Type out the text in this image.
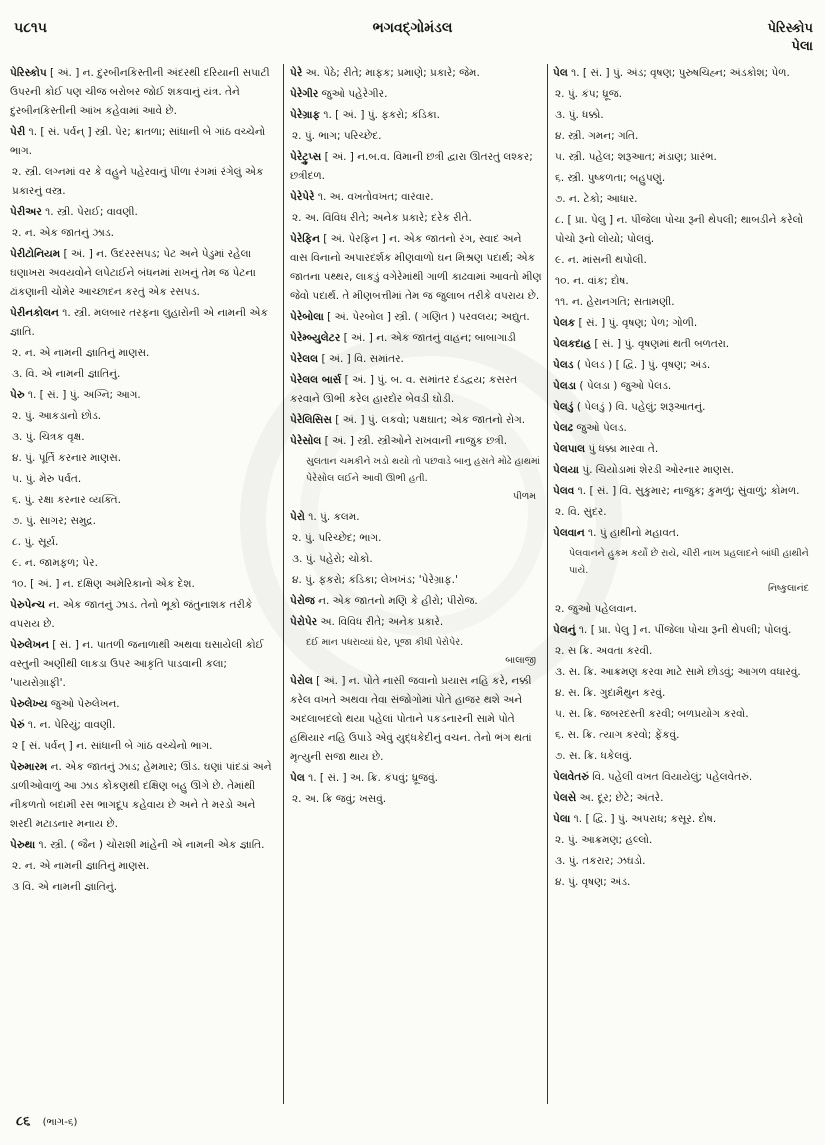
૫૮૧૫	ભગવદ્ગોમંડલ	પેરિસ્કોપ
પેલા
પેરિસ્કોપ [ અં. ] ન. દુરબીનકિસ્તીની અંદરથી દરિયાની સપાટી ઉપરની કોઈ પણ ચીજ બરોબર જોઈ શકવાનું યંત્ર. તેને દુરબીનકિસ્તીની આંખ કહેવામાં આવે છે.
પેરી ૧. [ સં. પર્વન્ ] સ્ત્રી. પેર; ક્રાતળા; સાંધાની બે ગાંઠ વચ્ચેનો ભાગ.
૨. સ્ત્રી. લગ્નમાં વર કે વહુને પહેરવાનું પીળા રંગમાં રંગેલું એક પ્રકારનું વસ્ત્ર.
પેરીઅર ૧. સ્ત્રી. પેરાઈ; વાવણી.
૨. ન. એક જાતનું ઝાડ.
પેરીટોનિયમ [ અં. ] ન. ઉદરરસપડ; પેટ અને પેડુમાં રહેલા ઘણાખરા અવયવોને લપેટાઈને બંધનમાં રાખનું તેમ જ પેટના ઢાંકણાની ચોમેર આચ્છાદન કરતું એક રસપડ.
પેરીનકોલન ૧. સ્ત્રી. મલબાર તરફના લુહારોની એ નામની એક જ્ઞાતિ.
૨. ન. એ નામની જ્ઞાતિનું માણસ.
૩. વિ. એ નામની જ્ઞાતિનું.
પેરુ ૧. [ સં. ] પું. અગ્નિ; આગ.
૨. પું. આકડાનો છોડ.
૩. પું. ચિત્રક વૃક્ષ.
૪. પું. પૂર્તિ કરનાર માણસ.
૫. પું. મેરુ પર્વત.
૬. પું. રક્ષા કરનાર વ્યક્તિ.
૭. પું. સાગર; સમુદ્ર.
૮. પું. સૂર્ય.
૯. ન. જામફળ; પેર.
૧૦. [ અં. ] ન. દક્ષિણ અમેરિકાનો એક દેશ.
પેરુપેન્ચ ન. એક જાતનું ઝાડ. તેનો ભૂકો જંતુનાશક તરીકે વપરાય છે.
પેરુલેખન [ સં. ] ન. પાતળી જનાળાથી અથવા ઘસાયેલી કોઈ વસ્તુની અણીથી લાકડા ઉપર આકૃતિ પાડવાની કલા; 'પાયરોગ્રાફી'.
પેરુલેખ્ય જુઓ પેરુલેખન.
પેરું ૧. ન. પેરિયું; વાવણી.
૨ [ સં. પર્વન્ ] ન. સાંધાની બે ગાંઠ વચ્ચેનો ભાગ.
પેરુમારમ ન. એક જાતનું ઝાડ; હેમમાર; ઊંડ. ઘણાં પાંદડાં અને ડાળીઓવાળું આ ઝાડ કોંકણથી દક્ષિણ બહુ ઊગે છે. તેમાંથી નીકળતો બદામી રસ ભાગદૂપ કહેવાય છે અને તે મરડો અને શરદી મટાડનાર મનાય છે.
પેરુથા ૧. સ્ત્રી. ( જૈન ) ચોરાશી માંહેની એ નામની એક જ્ઞાતિ.
૨. ન. એ નામની જ્ઞાતિનું માણસ.
૩ વિ. એ નામની જ્ઞાતિનું.
પેરે અ. પેઠે; રીતે; માફક; પ્રમાણે; પ્રકારે; જેમ.
પેરેગીર જુઓ પહેરેગીર.
પેરેગ્રાફ ૧. [ અં. ] પું. ફકરો; કંડિકા.
૨. પું. ભાગ; પરિચ્છેદ.
પેરેટ્રુપ્સ [ અં. ] ન.બ.વ. વિમાની છત્રી દ્વારા ઊતરતું લશ્કર; છત્રીદળ.
પેરેપેરે ૧. અ. વખતોવખત; વારંવાર.
૨. અ. વિવિધ રીતે; અનેક પ્રકારે; દરેક રીતે.
પેરેફિન [ અં. પેરફિન ] ન. એક જાતનો રંગ, સ્વાદ અને વાસ વિનાનો અપારદર્શક મીણવાળો ઘન મિશ્રણ પદાર્થ; એક જાતના પથ્થર, લાકડું વગેરેમાંથી ગાળી કાઢવામાં આવતો મીણ જેવો પદાર્થ. તે મીણબત્તીમાં તેમ જ જુલાબ તરીકે વપરાય છે.
પેરેબોલા [ અં. પેરબોલ ] સ્ત્રી. ( ગણિત ) પરવલય; અદ્યુત.
પેરેમ્બ્યુલેટર [ અં. ] ન. એક જાતનું વાહન; બાબાગાડી
પેરેલલ [ અં. ] વિ. સમાંતર.
પેરેલલ બાર્સ [ અં. ] પું. બ. વ. સમાંતર દંડદ્વય; કસરત કરવાને ઊભી કરેલ હારદોર બેવડી ઘોડી.
પેરેલિસિસ [ અં. ] પું. લકવો; પક્ષઘાત; એક જાતનો રોગ.
પેરેસોલ [ અં. ] સ્ત્રી. સ્ત્રીઓને રાખવાની નાજુક છત્રી.
સુલતાન ચમકીને ખડો થયો તો પછવાડે બાનુ હસતે મોઢે હાથમાં પેરેસોલ લઈને આવી ઊભી હતી.
પીળમ
પેરો ૧. પું. કલમ.
૨. પું. પરિચ્છેદ; ભાગ.
૩. પું. પહેરો; ચોકો.
૪. પું. ફકરો; કંડિકા; લેખખંડ; 'પેરેગ્રાફ.'
પેરોજ ન. એક જાતનો મણિ કે હીરો; પીરોજ.
પેરોપેર અ. વિવિધ રીતે; અનેક પ્રકારે.
દઈ માન પધરાવ્યાં ઘેર, પૂજા કીધી પેરોપેર.
બાલાજી
પેરોલ [ અં. ] ન. પોતે નાસી જવાનો પ્રયાસ નહિ કરે, નક્કી કરેલ વખતે અથવા તેવા સંજોગોમાં પોતે હાજર થશે અને અદલાબદલો થયા પહેલાં પોતાને પકડનારની સામે પોતે હથિયાર નહિ ઉપાડે એવું યુદ્ધકેદીનું વચન. તેનો ભંગ થતાં મૃત્યુની સજા થાય છે.
પેલ ૧. [ સં. ] અ. ક્રિ. કંપવું; ધ્રૂજવું.
૨. અ. ક્રિ જવું; ખસવું.
પેલ ૧. [ સં. ] પું. અંડ; વૃષણ; પુરુષચિહ્ન; અંડકોશ; પેળ.
૨. પું. કંપ; ધ્રૂજ.
૩. પું. ધક્કો.
૪. સ્ત્રી. ગમન; ગતિ.
૫. સ્ત્રી. પહેલ; શરૂઆત; મંડાણ; પ્રારંભ.
૬. સ્ત્રી. પુષ્કળતા; બહુપણું.
૭. ન. ટેકો; આધાર.
૮. [ પ્રા. પેલુ ] ન. પીંજેલા પોચા રૂની થેપલી; થાબડીને કરેલો પોચો રૂનો લોયો; પોલવું.
૯. ન. માંસની થપોલી.
૧૦. ન. વાંક; દોષ.
૧૧. ન. હેરાનગતિ; સતામણી.
પેલક [ સં. ] પું. વૃષણ; પેળ; ગોળી.
પેલકદાહ [ સં. ] પું. વૃષણમાં થતી બળતરા.
પેલડ ( પેલડ ) [ દ્વિ. ] પું. વૃષણ; અંડ.
પેલડા ( પેલડા ) જુઓ પેલડ.
પેલડું ( પેલડું ) વિ. પહેલું; શરૂઆતનું.
પેલઢ જુઓ પેલડ.
પેલપાલ પું ધક્કા મારવા તે.
પેલયા પું. ચિયોડામાં શેરડી ઓરનાર માણસ.
પેલવ ૧. [ સં. ] વિ. સુકુમાર; નાજુક; કુમળું; સુંવાળું; કોમળ.
૨. વિ. સુંદર.
પેલવાન ૧. પું હાથીનો મહાવત.
પેલવાનને હુકમ કર્યો છે રાયે, ચીરી નાખ પ્રહલાદને બાંધી હાથીને પાયે.
નિષ્કુલાનંદ
૨. જુઓ પહેલવાન.
પેલનું ૧. [ પ્રા. પેલુ ] ન. પીંજેલા પોચા રૂની થેપલી; પોલવું.
૨. સ ક્રિ. અવતા કરવી.
૩. સ. ક્રિ. આક્રમણ કરવા માટે સામે છોડવું; આગળ વધારવું.
૪. સ. ક્રિ. ગુદામૈથુન કરવું.
૫. સ. ક્રિ. જબરદસ્તી કરવી; બળપ્રયોગ કરવો.
૬. સ. ક્રિ. ત્યાગ કરવો; ફેંકવું.
૭. સ. ક્રિ. ધકેલવું.
પેલવેતરું વિ. પહેલી વખત વિયાયેલું; પહેલવેતરું.
પેલસે અ. દૂર; છેટે; અંતરે.
પેલા ૧. [ દ્વિ. ] પું. અપરાધ; કસૂર. દોષ.
૨. પું. આક્રમણ; હલ્લો.
૩. પું. તકરાર; ઝઘડો.
૪. પું. વૃષણ; અંડ.
૮૬ (ભાગ-૬)
